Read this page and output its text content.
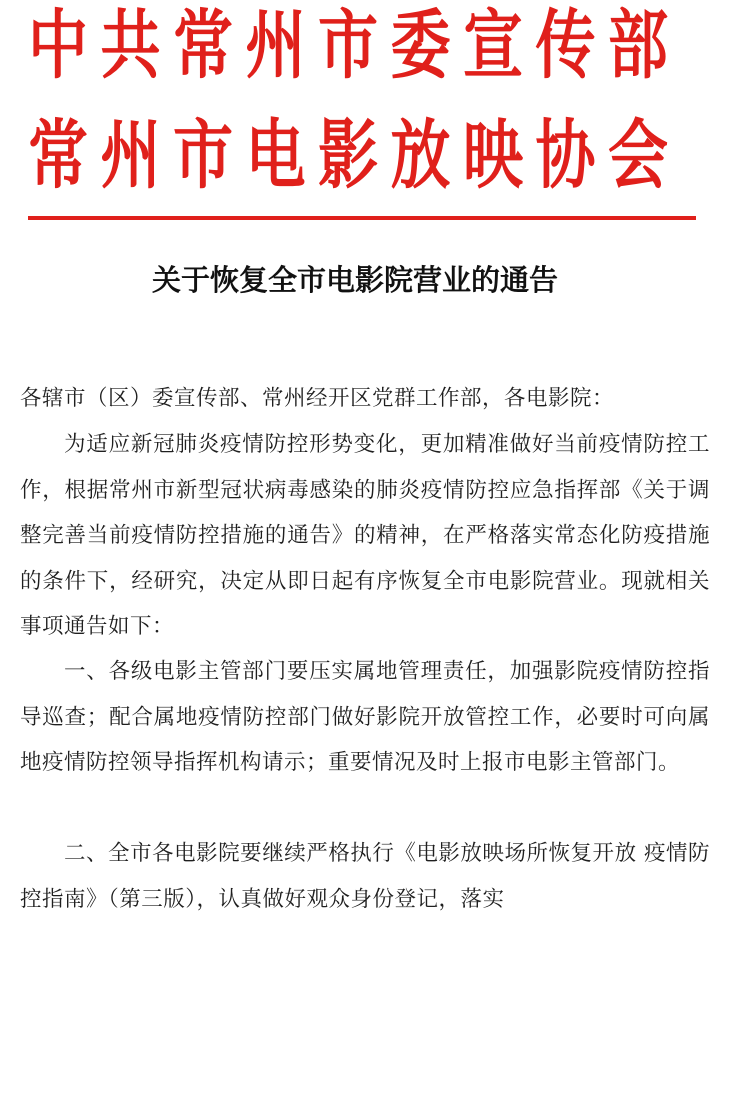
中 共 常 州 市 委 宣 传 部
常 州 市 电 影 放 映 协 会
关于恢复全市电影院营业的通告
各辖市（区）委宣传部、常州经开区党群工作部，各电影院：
为适应新冠肺炎疫情防控形势变化，更加精准做好当前疫情防控工作，根据常州市新型冠状病毒感染的肺炎疫情防控应急指挥部《关于调整完善当前疫情防控措施的通告》的精神，在严格落实常态化防疫措施的条件下，经研究，决定从即日起有序恢复全市电影院营业。现就相关事项通告如下：
一、各级电影主管部门要压实属地管理责任，加强影院疫情防控指导巡查；配合属地疫情防控部门做好影院开放管控工作，必要时可向属地疫情防控领导指挥机构请示；重要情况及时上报市电影主管部门。
二、全市各电影院要继续严格执行《电影放映场所恢复开放 疫情防控指南》（第三版），认真做好观众身份登记，落实
